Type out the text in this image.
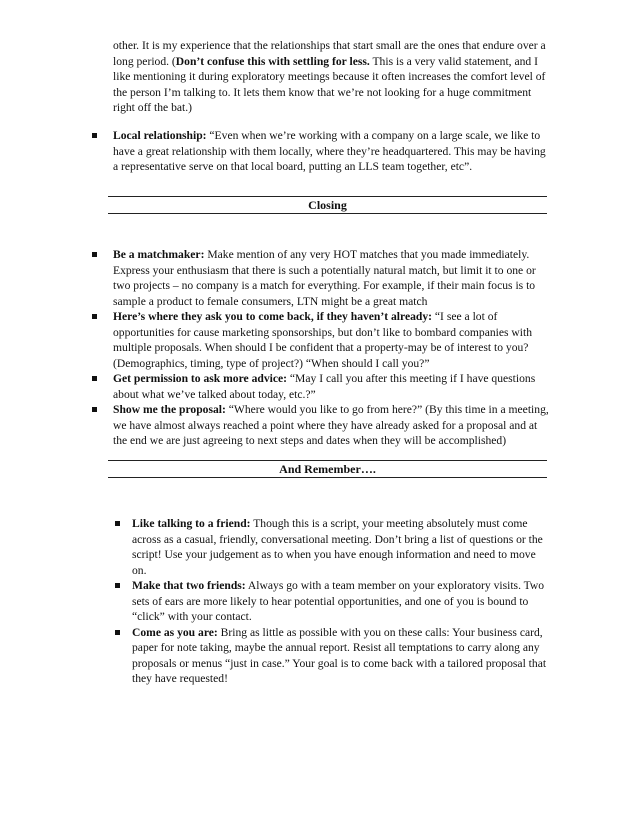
other. It is my experience that the relationships that start small are the ones that endure over a long period. (Don’t confuse this with settling for less. This is a very valid statement, and I like mentioning it during exploratory meetings because it often increases the comfort level of the person I’m talking to. It lets them know that we’re not looking for a huge commitment right off the bat.)

Local relationship: “Even when we’re working with a company on a large scale, we like to have a great relationship with them locally, where they’re headquartered. This may be having a representative serve on that local board, putting an LLS team together, etc”.
Closing
Be a matchmaker: Make mention of any very HOT matches that you made immediately. Express your enthusiasm that there is such a potentially natural match, but limit it to one or two projects – no company is a match for everything. For example, if their main focus is to sample a product to female consumers, LTN might be a great match
Here’s where they ask you to come back, if they haven’t already: “I see a lot of opportunities for cause marketing sponsorships, but don’t like to bombard companies with multiple proposals. When should I be confident that a property-may be of interest to you? (Demographics, timing, type of project?) “When should I call you?”
Get permission to ask more advice: “May I call you after this meeting if I have questions about what we’ve talked about today, etc.?”
Show me the proposal: “Where would you like to go from here?” (By this time in a meeting, we have almost always reached a point where they have already asked for a proposal and at the end we are just agreeing to next steps and dates when they will be accomplished)
And Remember….
Like talking to a friend: Though this is a script, your meeting absolutely must come across as a casual, friendly, conversational meeting. Don’t bring a list of questions or the script! Use your judgement as to when you have enough information and need to move on.
Make that two friends: Always go with a team member on your exploratory visits. Two sets of ears are more likely to hear potential opportunities, and one of you is bound to “click” with your contact.
Come as you are: Bring as little as possible with you on these calls: Your business card, paper for note taking, maybe the annual report. Resist all temptations to carry along any proposals or menus “just in case.” Your goal is to come back with a tailored proposal that they have requested!
